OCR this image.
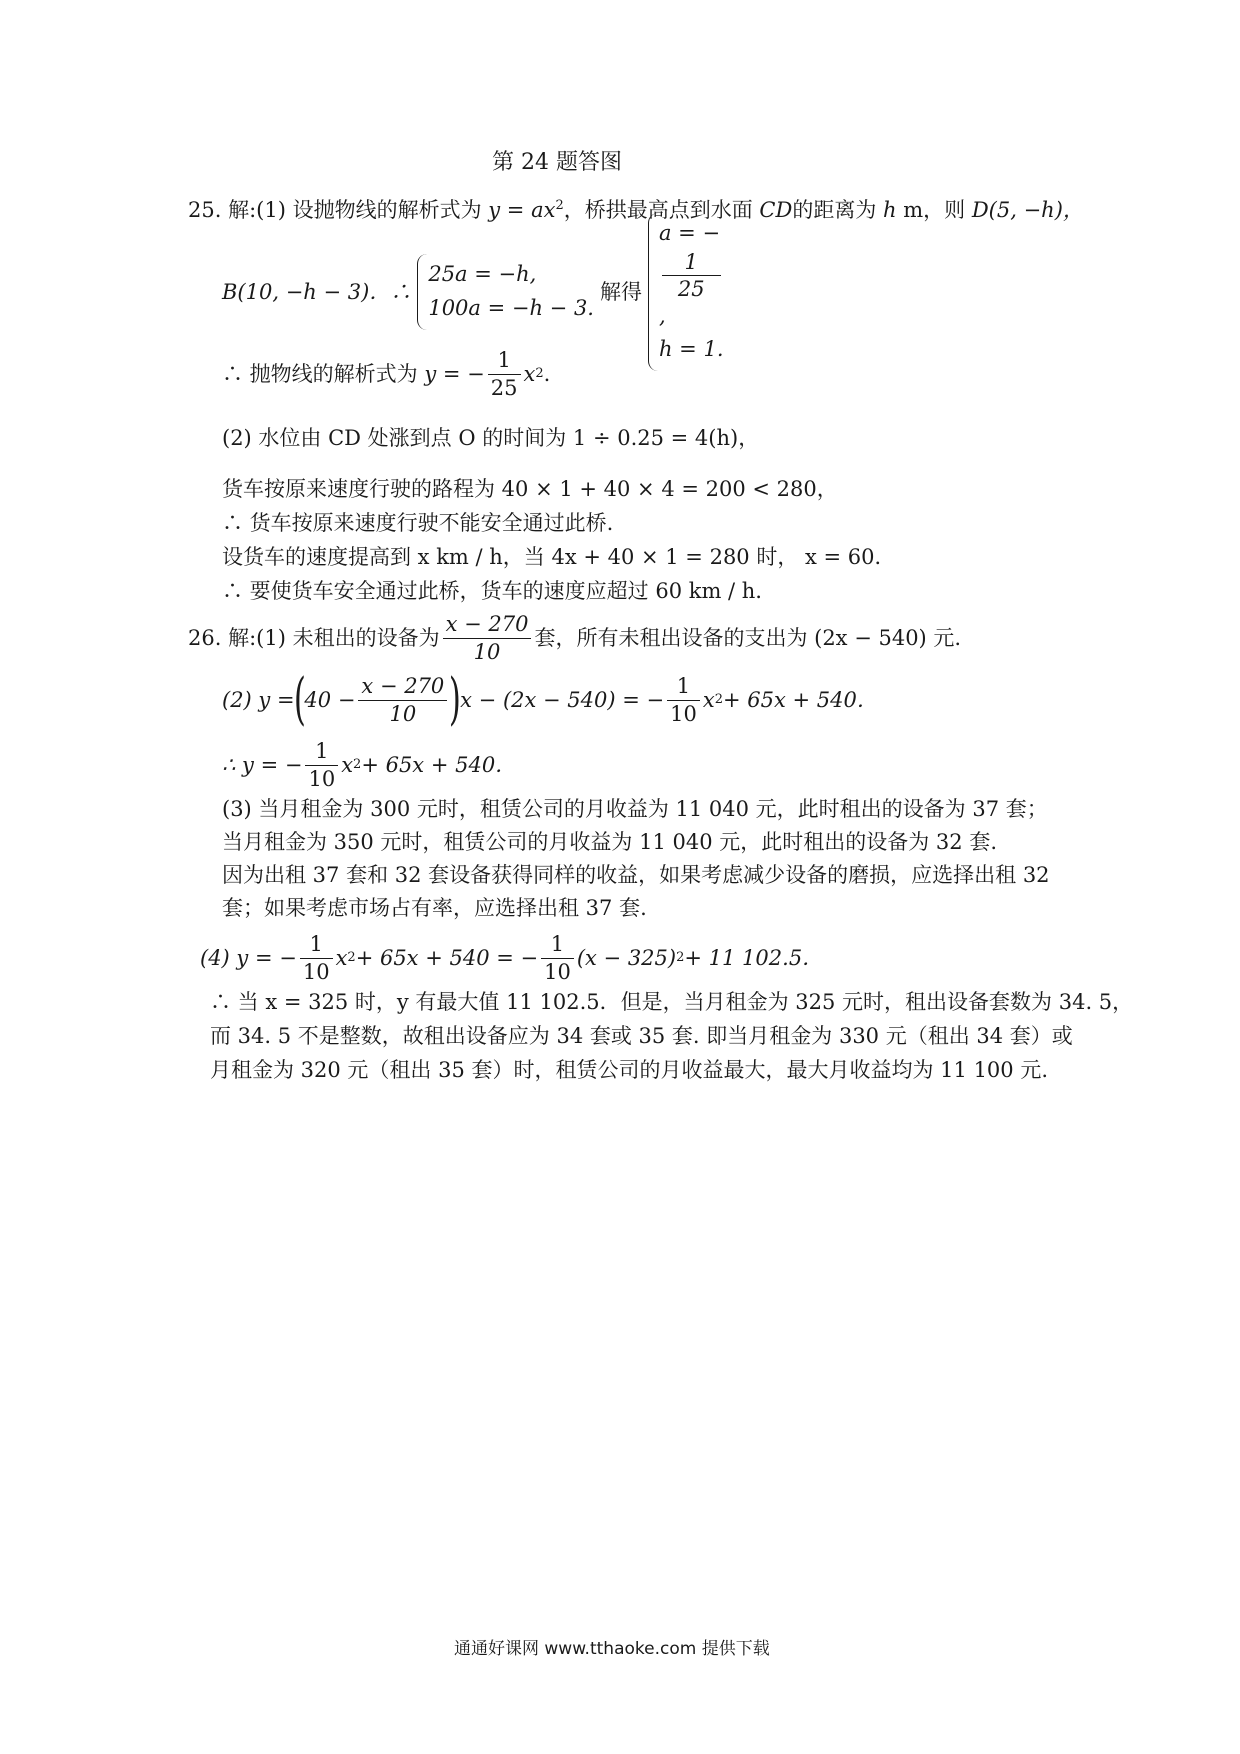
第 24 题答图
25. 解:(1) 设抛物线的解析式为 $y = ax^2$，桥拱最高点到水面 CD的距离为 h m，则 D(5, −h)，
B(10, −h − 3)．∴
25a = −h,
100a = −h − 3.
解得
a = −
1
25
,
h = 1.
∴ 抛物线的解析式为
y = − $\frac{1}{25}$ x 2 .
(2) 水位由 CD 处涨到点 O 的时间为 1 ÷ 0.25 = 4(h)，
货车按原来速度行驶的路程为 40 × 1 + 40 × 4 = 200 < 280，
∴ 货车按原来速度行驶不能安全通过此桥.
设货车的速度提高到 x km / h，当 4x + 40 × 1 = 280 时， x = 60．
∴ 要使货车安全通过此桥，货车的速度应超过 60 km / h．
26. 解: (1) 未租出的设备为 $\frac{x - 270}{10}$ 套，所有未租出设备的支出为 (2x − 540) 元.
(2) y =
(
$40 - \frac{x - 270}{10}$ )
x − (2x − 540) = − $\frac{1}{10}$ x 2 + 65x + 540．
∴ y = − $\frac{1}{10}$ x 2 + 65x + 540．
(3) 当月租金为 300 元时，租赁公司的月收益为 11 040 元，此时租出的设备为 37 套；
当月租金为 350 元时，租赁公司的月收益为 11 040 元，此时租出的设备为 32 套.
因为出租 37 套和 32 套设备获得同样的收益，如果考虑减少设备的磨损，应选择出租 32
套；如果考虑市场占有率，应选择出租 37 套.
(4) y = − $\frac{1}{10}$ x 2 + 65x + 540 = − $\frac{1}{10} (x - 325) 2 + 11$ 102.5．
∴ 当 x = 325 时，y 有最大值 11 102.5．但是，当月租金为 325 元时，租出设备套数为 34. 5，
而 34. 5 不是整数，故租出设备应为 34 套或 35 套. 即当月租金为 330 元（租出 34 套）或
月租金为 320 元（租出 35 套）时，租赁公司的月收益最大，最大月收益均为 11 100 元.
通通好课网 www.tthaoke.com 提供下载
